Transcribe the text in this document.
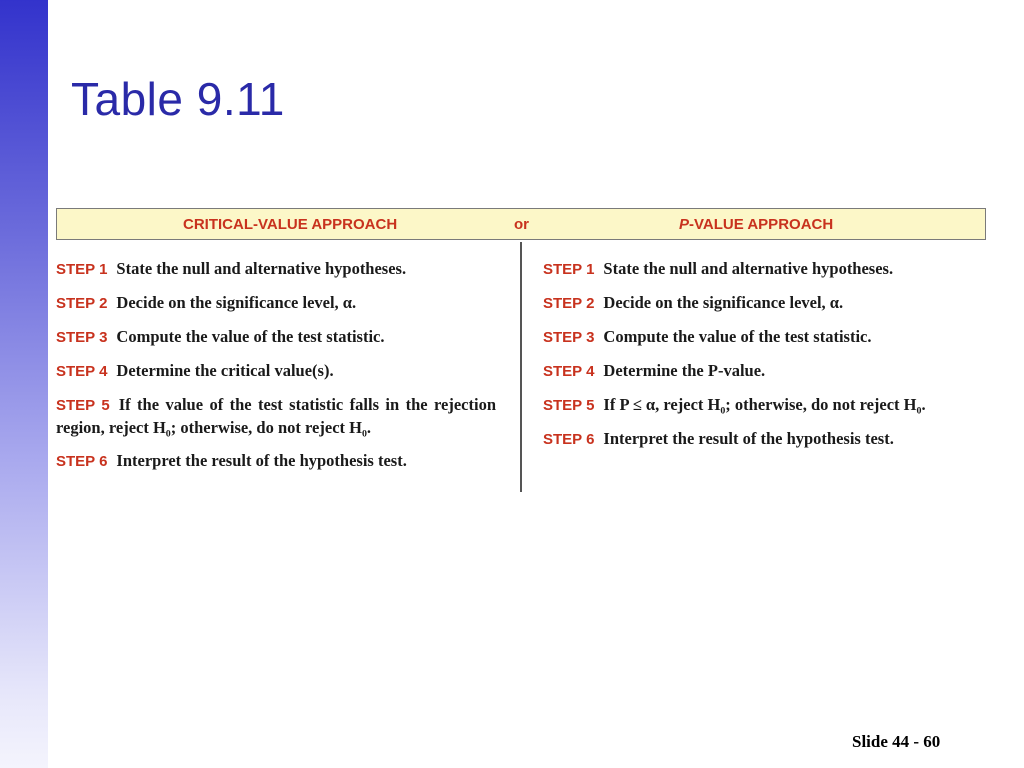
Table 9.11
CRITICAL-VALUE APPROACH	or	P-VALUE APPROACH

STEP 1 State the null and alternative hypotheses.

STEP 2 Decide on the significance level, α.

STEP 3 Compute the value of the test statistic.

STEP 4 Determine the critical value(s).

STEP 5 If the value of the test statistic falls in the rejection region, reject H₀; otherwise, do not reject H₀.

STEP 6 Interpret the result of the hypothesis test.

STEP 1 State the null and alternative hypotheses.

STEP 2 Decide on the significance level, α.

STEP 3 Compute the value of the test statistic.

STEP 4 Determine the P-value.

STEP 5 If P ≤ α, reject H₀; otherwise, do not reject H₀.

STEP 6 Interpret the result of the hypothesis test.

Slide 44 - 60
